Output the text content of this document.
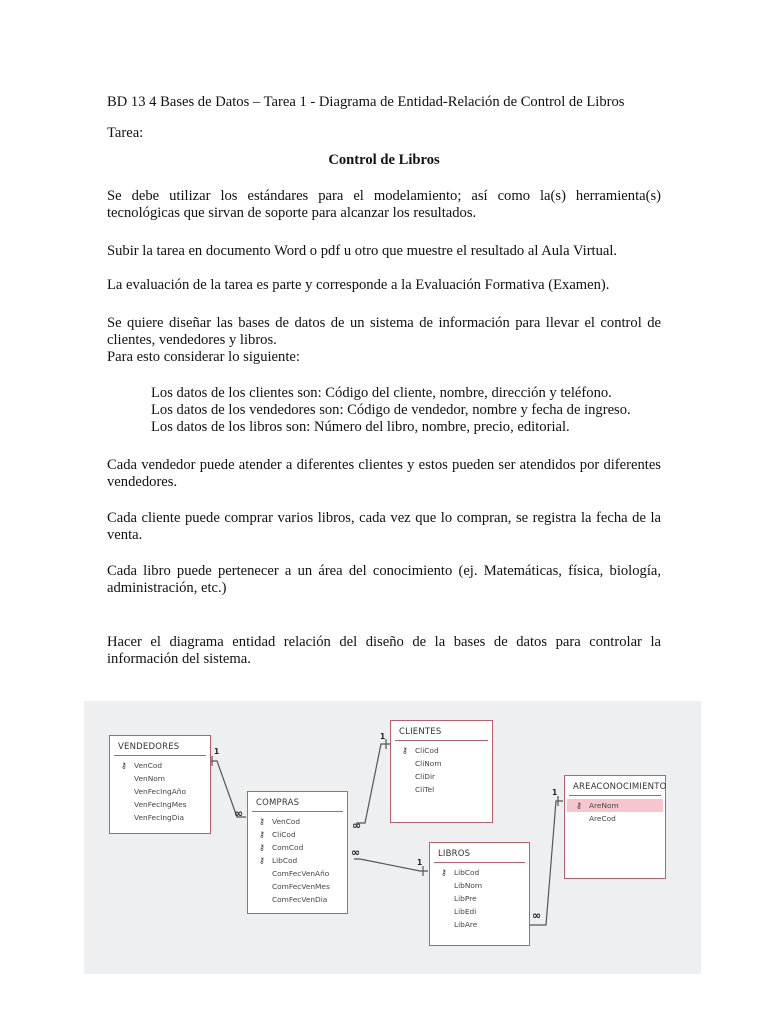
BD 13 4 Bases de Datos – Tarea 1 - Diagrama de Entidad-Relación de Control de Libros

Tarea:

Control de Libros

Se debe utilizar los estándares para el modelamiento; así como la(s) herramienta(s) tecnológicas que sirvan de soporte para alcanzar los resultados.

Subir la tarea en documento Word o pdf u otro que muestre el resultado al Aula Virtual.

La evaluación de la tarea es parte y corresponde a la Evaluación Formativa (Examen).

Se quiere diseñar las bases de datos de un sistema de información para llevar el control de clientes, vendedores y libros.

Para esto considerar lo siguiente:

Los datos de los clientes son: Código del cliente, nombre, dirección y teléfono.

Los datos de los vendedores son: Código de vendedor, nombre y fecha de ingreso.

Los datos de los libros son: Número del libro, nombre, precio, editorial.

Cada vendedor puede atender a diferentes clientes y estos pueden ser atendidos por diferentes vendedores.

Cada cliente puede comprar varios libros, cada vez que lo compran, se registra la fecha de la venta.

Cada libro puede pertenecer a un área del conocimiento (ej. Matemáticas, física, biología, administración, etc.)

Hacer el diagrama entidad relación del diseño de la bases de datos para controlar la información del sistema.

1
∞
1
∞
∞
1
1
∞
VENDEDORES
⚷ VenCod
VenNom
VenFecIngAño
VenFecIngMes
VenFecIngDia
CLIENTES
⚷ CliCod
CliNom
CliDir
CliTel
COMPRAS
⚷ VenCod
⚷ CliCod
⚷ ComCod
⚷ LibCod
ComFecVenAño
ComFecVenMes
ComFecVenDia
LIBROS
⚷ LibCod
LibNom
LibPre
LibEdi
LibAre
AREACONOCIMIENTO
⚷ AreNom
AreCod
